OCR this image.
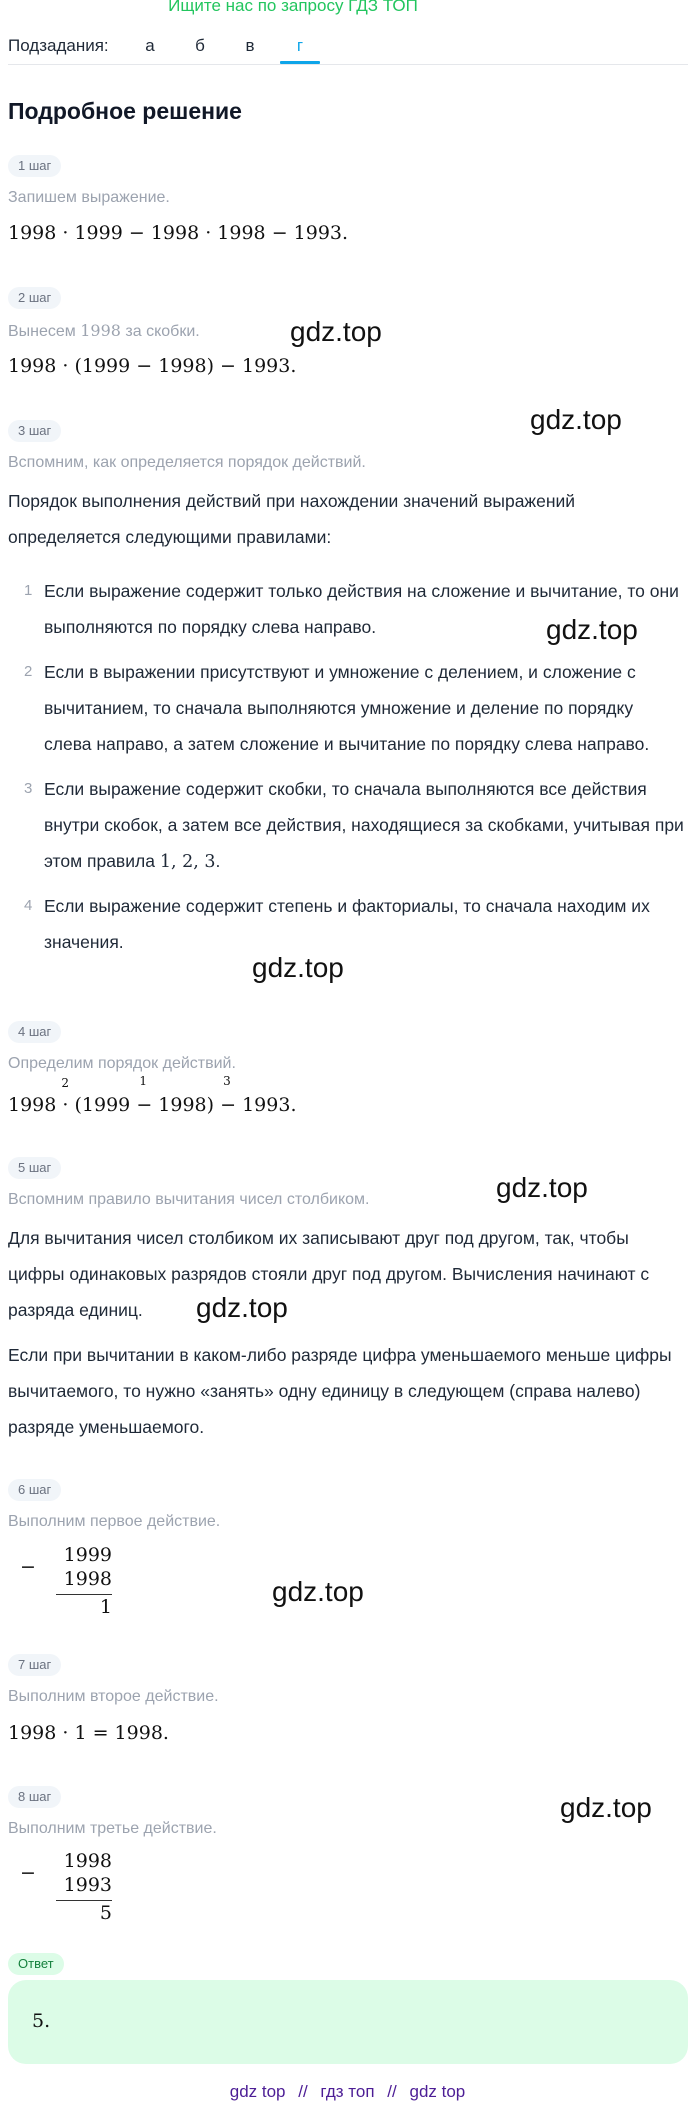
Ищите нас по запросу ГДЗ ТОП
Подзадания:	а	б	в	г
Подробное решение
1 шаг
Запишем выражение.
1998 · 1999 − 1998 · 1998 − 1993.
2 шаг
Вынесем 1998 за скобки.
1998 · (1999 − 1998) − 1993.
gdz.top
gdz.top
3 шаг
Вспомним, как определяется порядок действий.
Порядок выполнения действий при нахождении значений выражений определяется следующими правилами:
1 Если выражение содержит только действия на сложение и вычитание, то они выполняются по порядку слева направо.	gdz.top
2 Если в выражении присутствуют и умножение с делением, и сложение с вычитанием, то сначала выполняются умножение и деление по порядку слева направо, а затем сложение и вычитание по порядку слева направо.
3 Если выражение содержит скобки, то сначала выполняются все действия внутри скобок, а затем все действия, находящиеся за скобками, учитывая при этом правила 1, 2, 3.
4 Если выражение содержит степень и факториалы, то сначала находим их значения.
gdz.top
4 шаг
Определим порядок действий.
1998 ·
2
(1999 −
1
1998) −
3
1993.
5 шаг
gdz.top
Вспомним правило вычитания чисел столбиком.
Для вычитания чисел столбиком их записывают друг под другом, так, чтобы цифры одинаковых разрядов стояли друг под другом. Вычисления начинают с разряда единиц.	gdz.top
Если при вычитании в каком-либо разряде цифра уменьшаемого меньше цифры вычитаемого, то нужно «занять» одну единицу в следующем (справа налево) разряде уменьшаемого.
6 шаг
Выполним первое действие.
−
1999
1998
1	gdz.top
7 шаг
Выполним второе действие.
1998 · 1 = 1998.
8 шаг	gdz.top
Выполним третье действие.
−
1998
1993
5
Ответ
5.
gdz top // гдз топ // gdz top
